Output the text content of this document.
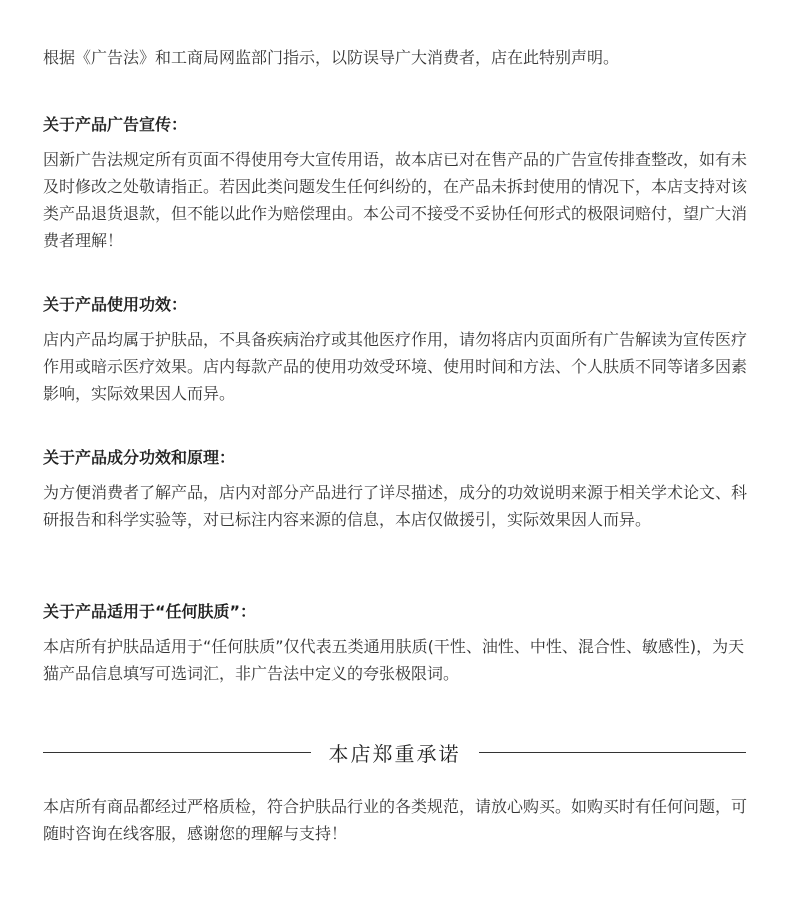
根据《广告法》和工商局网监部门指示，以防误导广大消费者，店在此特别声明。

关于产品广告宣传：

因新广告法规定所有页面不得使用夸大宣传用语，故本店已对在售产品的广告宣传排查整改，如有未及时修改之处敬请指正。若因此类问题发生任何纠纷的，在产品未拆封使用的情况下，本店支持对该类产品退货退款，但不能以此作为赔偿理由。本公司不接受不妥协任何形式的极限词赔付，望广大消费者理解！

关于产品使用功效：

店内产品均属于护肤品，不具备疾病治疗或其他医疗作用，请勿将店内页面所有广告解读为宣传医疗作用或暗示医疗效果。店内每款产品的使用功效受环境、使用时间和方法、个人肤质不同等诸多因素影响，实际效果因人而异。

关于产品成分功效和原理：

为方便消费者了解产品，店内对部分产品进行了详尽描述，成分的功效说明来源于相关学术论文、科研报告和科学实验等，对已标注内容来源的信息，本店仅做援引，实际效果因人而异。

关于产品适用于“任何肤质”：

本店所有护肤品适用于“任何肤质”仅代表五类通用肤质(干性、油性、中性、混合性、敏感性)，为天猫产品信息填写可选词汇，非广告法中定义的夸张极限词。

本店郑重承诺

本店所有商品都经过严格质检，符合护肤品行业的各类规范，请放心购买。如购买时有任何问题，可随时咨询在线客服，感谢您的理解与支持！
